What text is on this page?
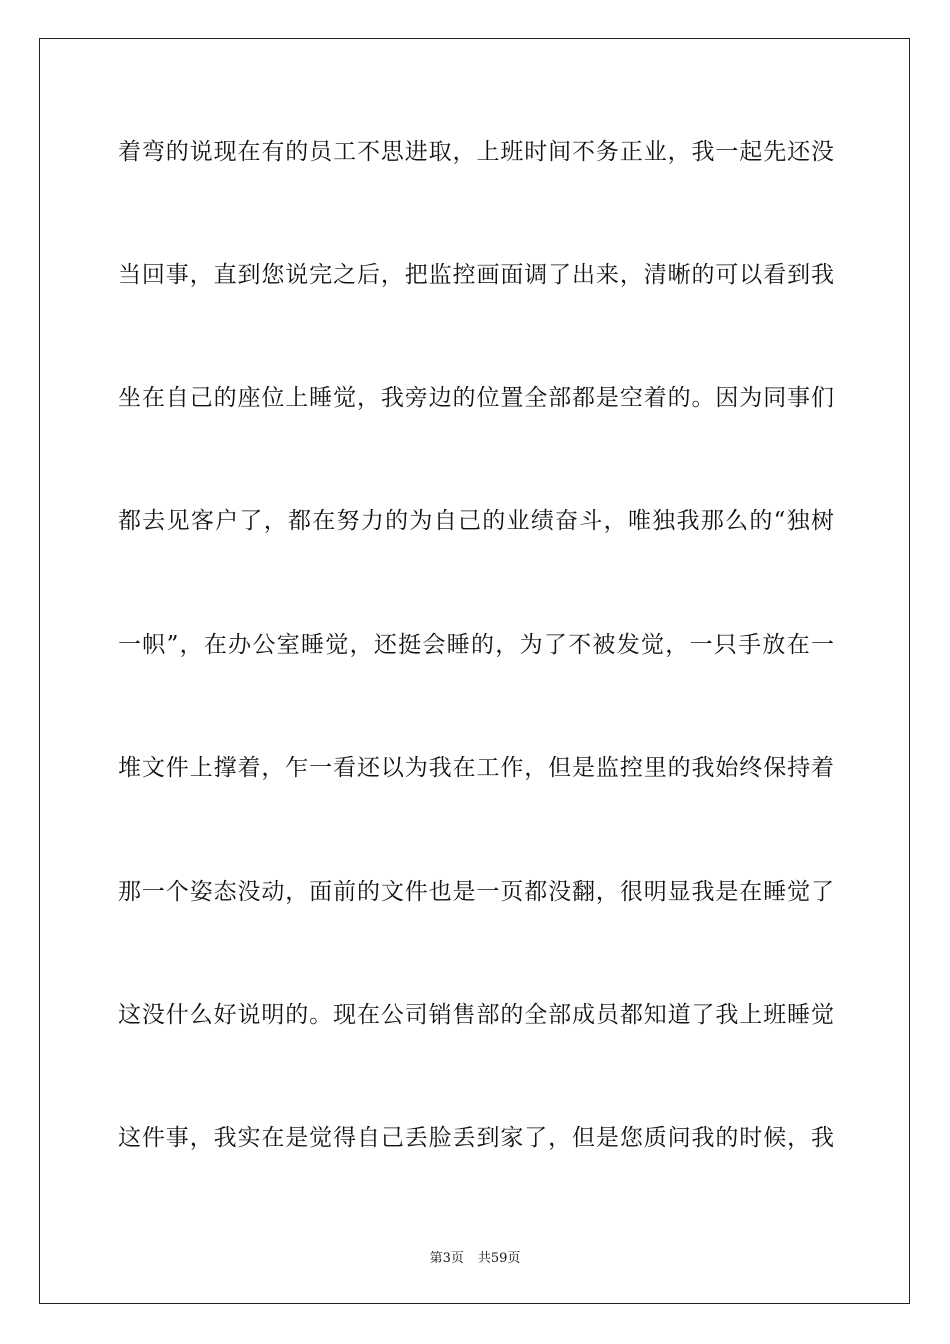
着弯的说现在有的员工不思进取，上班时间不务正业，我一起先还没
当回事，直到您说完之后，把监控画面调了出来，清晰的可以看到我
坐在自己的座位上睡觉，我旁边的位置全部都是空着的。因为同事们
都去见客户了，都在努力的为自己的业绩奋斗，唯独我那么的“独树
一帜”，在办公室睡觉，还挺会睡的，为了不被发觉，一只手放在一
堆文件上撑着，乍一看还以为我在工作，但是监控里的我始终保持着
那一个姿态没动，面前的文件也是一页都没翻，很明显我是在睡觉了
这没什么好说明的。现在公司销售部的全部成员都知道了我上班睡觉
这件事，我实在是觉得自己丢脸丢到家了，但是您质问我的时候，我
第3页 共59页
